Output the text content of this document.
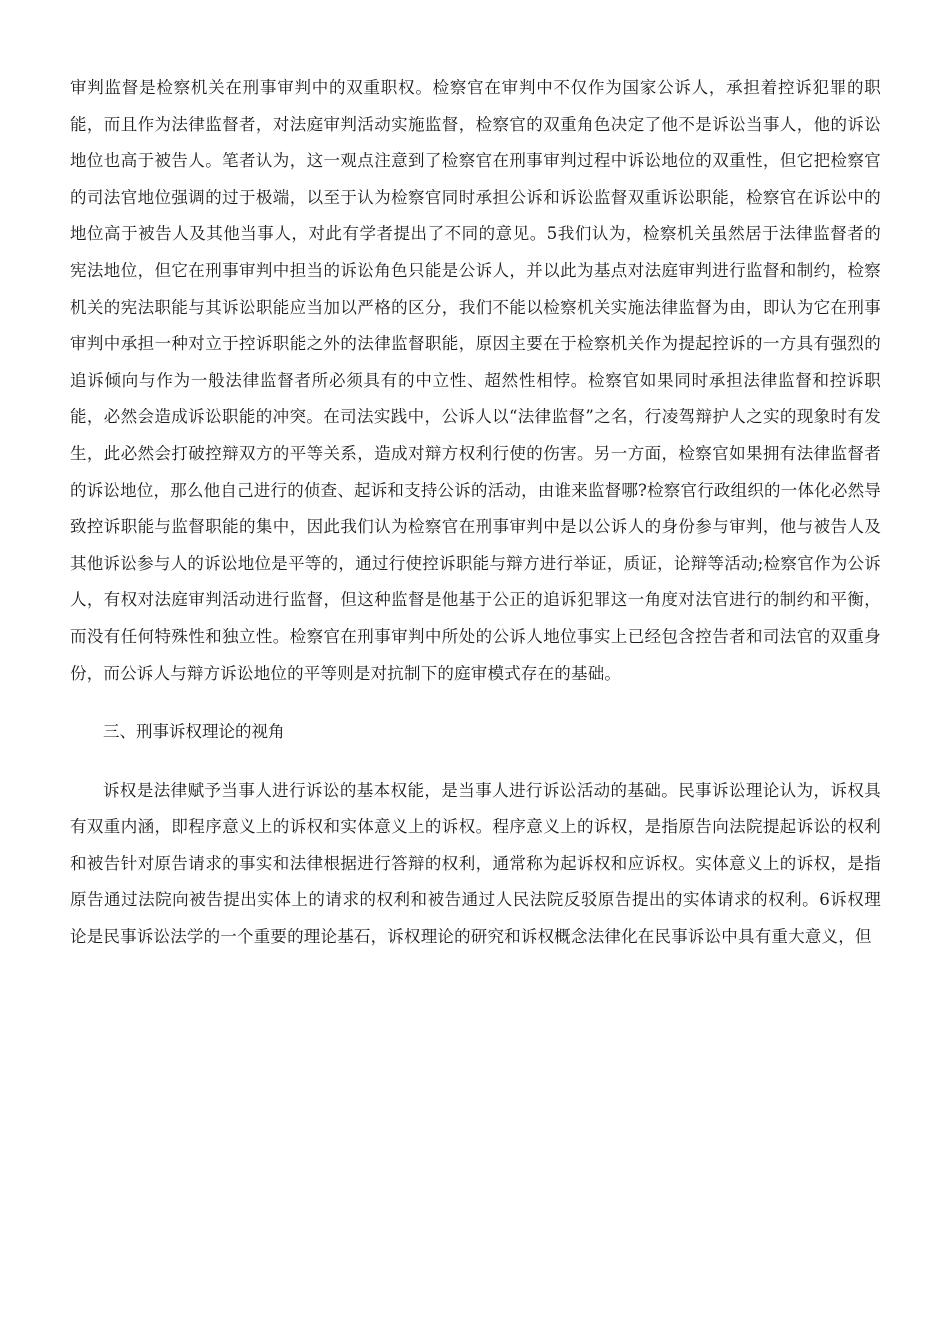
审判监督是检察机关在刑事审判中的双重职权。检察官在审判中不仅作为国家公诉人，承担着控诉犯罪的职能，而且作为法律监督者，对法庭审判活动实施监督，检察官的双重角色决定了他不是诉讼当事人，他的诉讼地位也高于被告人。笔者认为，这一观点注意到了检察官在刑事审判过程中诉讼地位的双重性，但它把检察官的司法官地位强调的过于极端，以至于认为检察官同时承担公诉和诉讼监督双重诉讼职能，检察官在诉讼中的地位高于被告人及其他当事人，对此有学者提出了不同的意见。5我们认为，检察机关虽然居于法律监督者的宪法地位，但它在刑事审判中担当的诉讼角色只能是公诉人，并以此为基点对法庭审判进行监督和制约，检察机关的宪法职能与其诉讼职能应当加以严格的区分，我们不能以检察机关实施法律监督为由，即认为它在刑事审判中承担一种对立于控诉职能之外的法律监督职能，原因主要在于检察机关作为提起控诉的一方具有强烈的追诉倾向与作为一般法律监督者所必须具有的中立性、超然性相悖。检察官如果同时承担法律监督和控诉职能，必然会造成诉讼职能的冲突。在司法实践中，公诉人以“法律监督”之名，行凌驾辩护人之实的现象时有发生，此必然会打破控辩双方的平等关系，造成对辩方权利行使的伤害。另一方面，检察官如果拥有法律监督者的诉讼地位，那么他自己进行的侦查、起诉和支持公诉的活动，由谁来监督哪?检察官行政组织的一体化必然导致控诉职能与监督职能的集中，因此我们认为检察官在刑事审判中是以公诉人的身份参与审判，他与被告人及其他诉讼参与人的诉讼地位是平等的，通过行使控诉职能与辩方进行举证，质证，论辩等活动;检察官作为公诉人，有权对法庭审判活动进行监督，但这种监督是他基于公正的追诉犯罪这一角度对法官进行的制约和平衡，而没有任何特殊性和独立性。检察官在刑事审判中所处的公诉人地位事实上已经包含控告者和司法官的双重身份，而公诉人与辩方诉讼地位的平等则是对抗制下的庭审模式存在的基础。

三、刑事诉权理论的视角

诉权是法律赋予当事人进行诉讼的基本权能，是当事人进行诉讼活动的基础。民事诉讼理论认为，诉权具有双重内涵，即程序意义上的诉权和实体意义上的诉权。程序意义上的诉权，是指原告向法院提起诉讼的权利和被告针对原告请求的事实和法律根据进行答辩的权利，通常称为起诉权和应诉权。实体意义上的诉权，是指原告通过法院向被告提出实体上的请求的权利和被告通过人民法院反驳原告提出的实体请求的权利。6诉权理论是民事诉讼法学的一个重要的理论基石，诉权理论的研究和诉权概念法律化在民事诉讼中具有重大意义，但
